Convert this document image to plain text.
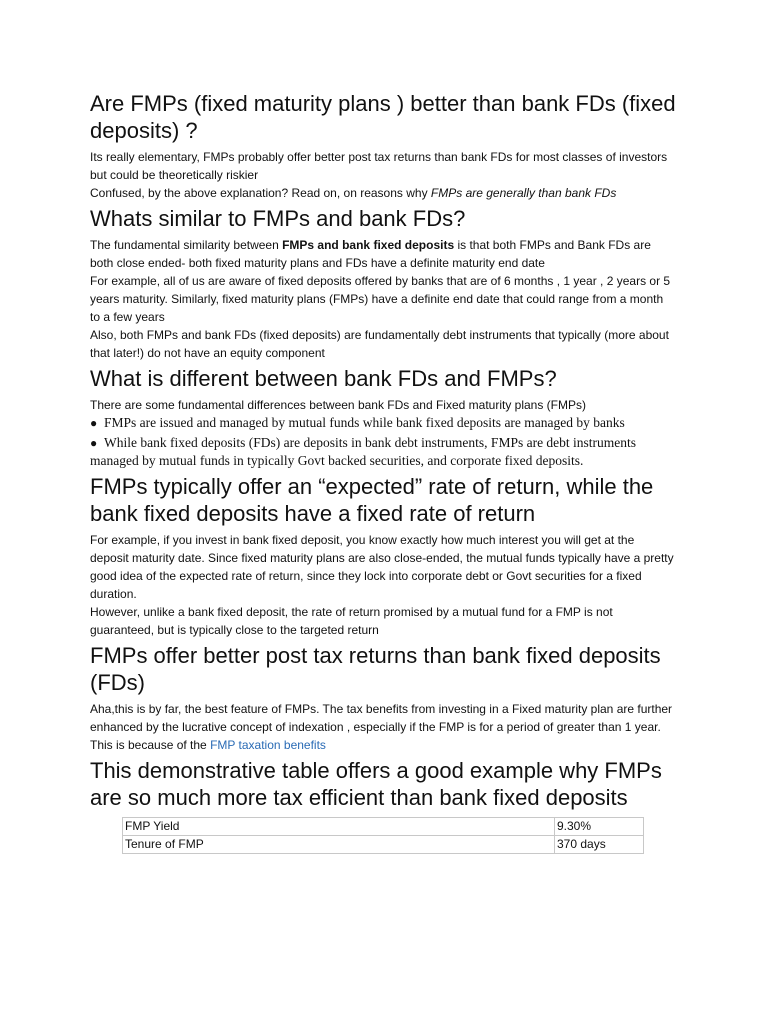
Are FMPs (fixed maturity plans ) better than bank FDs (fixed deposits) ?

Its really elementary, FMPs probably offer better post tax returns than bank FDs for most classes of investors but could be theoretically riskier

Confused, by the above explanation? Read on, on reasons why FMPs are generally than bank FDs

Whats similar to FMPs and bank FDs?

The fundamental similarity between FMPs and bank fixed deposits is that both FMPs and Bank FDs are both close ended- both fixed maturity plans and FDs have a definite maturity end date

For example, all of us are aware of fixed deposits offered by banks that are of 6 months , 1 year , 2 years or 5 years maturity. Similarly, fixed maturity plans (FMPs) have a definite end date that could range from a month to a few years

Also, both FMPs and bank FDs (fixed deposits) are fundamentally debt instruments that typically (more about that later!) do not have an equity component

What is different between bank FDs and FMPs?

There are some fundamental differences between bank FDs and Fixed maturity plans (FMPs)

● FMPs are issued and managed by mutual funds while bank fixed deposits are managed by banks
● While bank fixed deposits (FDs) are deposits in bank debt instruments, FMPs are debt instruments managed by mutual funds in typically Govt backed securities, and corporate fixed deposits.
FMPs typically offer an “expected” rate of return, while the bank fixed deposits have a fixed rate of return

For example, if you invest in bank fixed deposit, you know exactly how much interest you will get at the deposit maturity date. Since fixed maturity plans are also close-ended, the mutual funds typically have a pretty good idea of the expected rate of return, since they lock into corporate debt or Govt securities for a fixed duration.

However, unlike a bank fixed deposit, the rate of return promised by a mutual fund for a FMP is not guaranteed, but is typically close to the targeted return

FMPs offer better post tax returns than bank fixed deposits (FDs)

Aha,this is by far, the best feature of FMPs. The tax benefits from investing in a Fixed maturity plan are further enhanced by the lucrative concept of indexation , especially if the FMP is for a period of greater than 1 year. This is because of the FMP taxation benefits

This demonstrative table offers a good example why FMPs are so much more tax efficient than bank fixed deposits
FMP Yield	9.30%
Tenure of FMP	370 days
